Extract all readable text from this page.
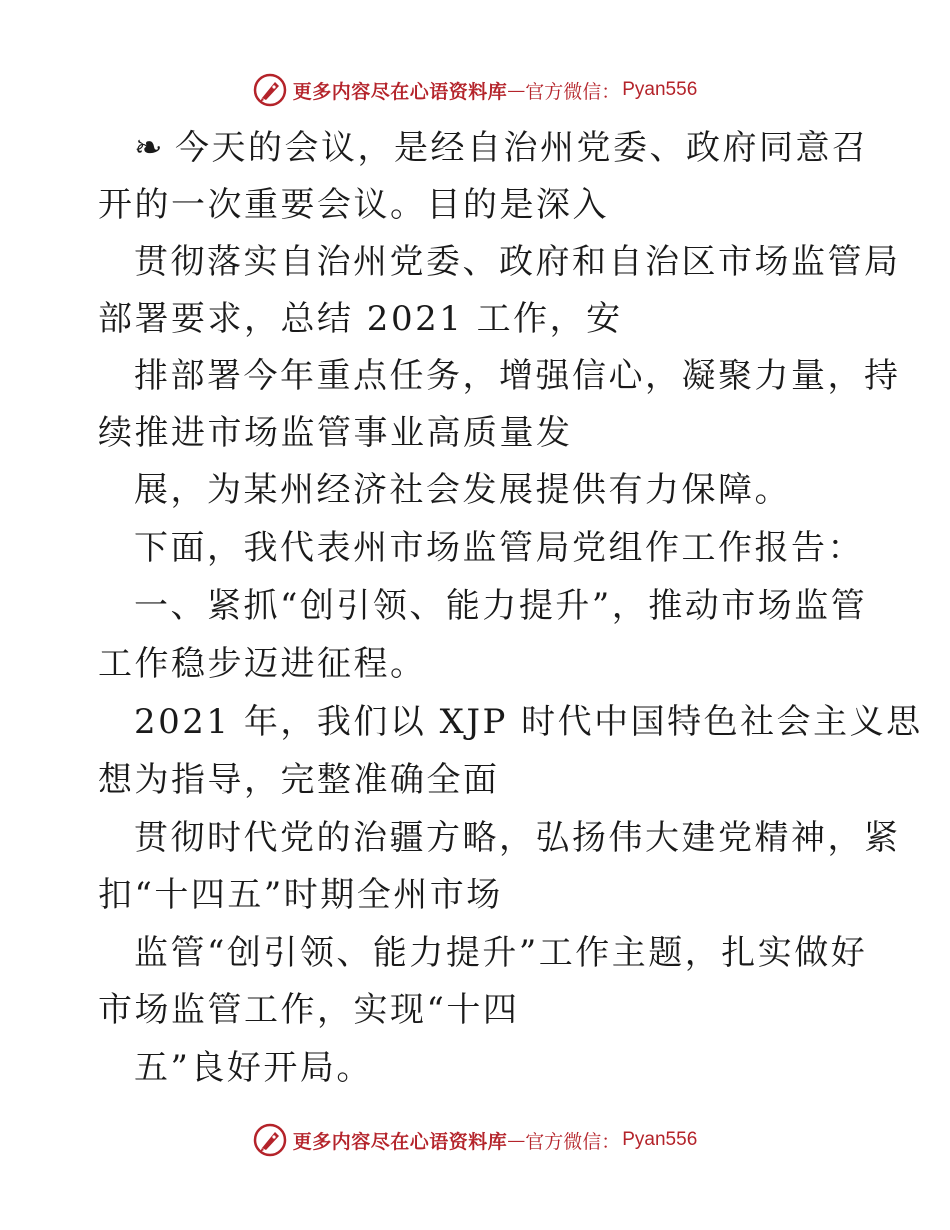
更多内容尽在心语资料库 — 官方微信： Pyan556
❧ 今天的会议，是经自治州党委、政府同意召
开的一次重要会议。目的是深入
贯彻落实自治州党委、政府和自治区市场监管局
部署要求，总结 2021 工作，安
排部署今年重点任务，增强信心，凝聚力量，持
续推进市场监管事业高质量发
展，为某州经济社会发展提供有力保障。
下面，我代表州市场监管局党组作工作报告：
一、紧抓“创引领、能力提升”，推动市场监管
工作稳步迈进征程。
2021 年，我们以 XJP 时代中国特色社会主义思
想为指导，完整准确全面
贯彻时代党的治疆方略，弘扬伟大建党精神，紧
扣“十四五”时期全州市场
监管“创引领、能力提升”工作主题，扎实做好
市场监管工作，实现“十四
五”良好开局。
更多内容尽在心语资料库 — 官方微信： Pyan556
